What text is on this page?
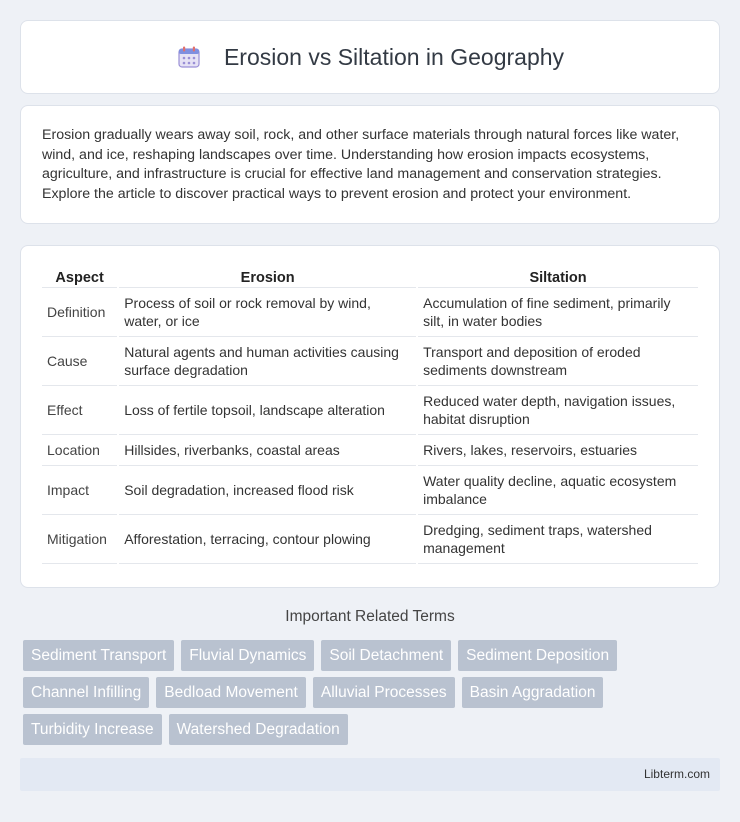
Erosion vs Siltation in Geography

Erosion gradually wears away soil, rock, and other surface materials through natural forces like water, wind, and ice, reshaping landscapes over time. Understanding how erosion impacts ecosystems, agriculture, and infrastructure is crucial for effective land management and conservation strategies. Explore the article to discover practical ways to prevent erosion and protect your environment.

Aspect		Erosion		Siltation
Definition		Process of soil or rock removal by wind, water, or ice		Accumulation of fine sediment, primarily silt, in water bodies
Cause		Natural agents and human activities causing surface degradation		Transport and deposition of eroded sediments downstream
Effect		Loss of fertile topsoil, landscape alteration		Reduced water depth, navigation issues, habitat disruption
Location		Hillsides, riverbanks, coastal areas		Rivers, lakes, reservoirs, estuaries
Impact		Soil degradation, increased flood risk		Water quality decline, aquatic ecosystem imbalance
Mitigation		Afforestation, terracing, contour plowing		Dredging, sediment traps, watershed management
Important Related Terms
Sediment Transport	Fluvial Dynamics	Soil Detachment	Sediment Deposition
Channel Infilling	Bedload Movement	Alluvial Processes	Basin Aggradation
Turbidity Increase	Watershed Degradation
Libterm.com
